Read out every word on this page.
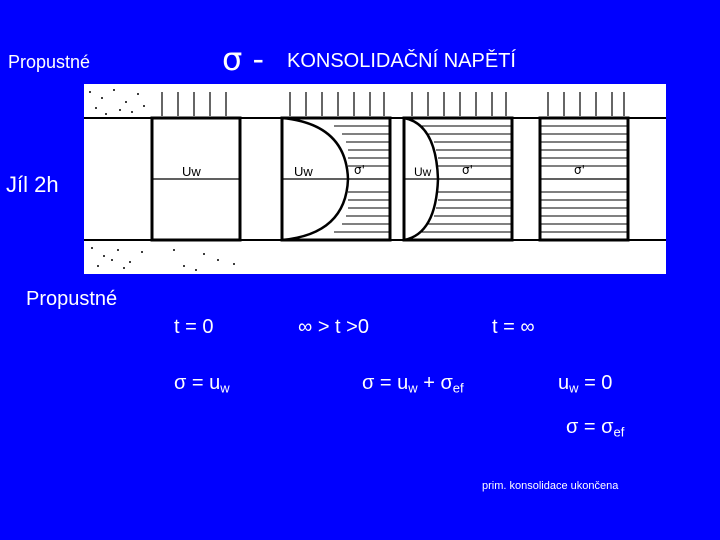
Propustné	σ - KONSOLIDAČNÍ NAPĚTÍ
Uw	Uw	σ'	Uw	σ'	σ'
Jíl 2h
Propustné
t = 0	∞ > t >0	t = ∞
$\sigma = u_w$	$\sigma = u_w + \sigma_{ef}$	$u_w = 0$
$\sigma = \sigma_{ef}$
prim. konsolidace ukončena
